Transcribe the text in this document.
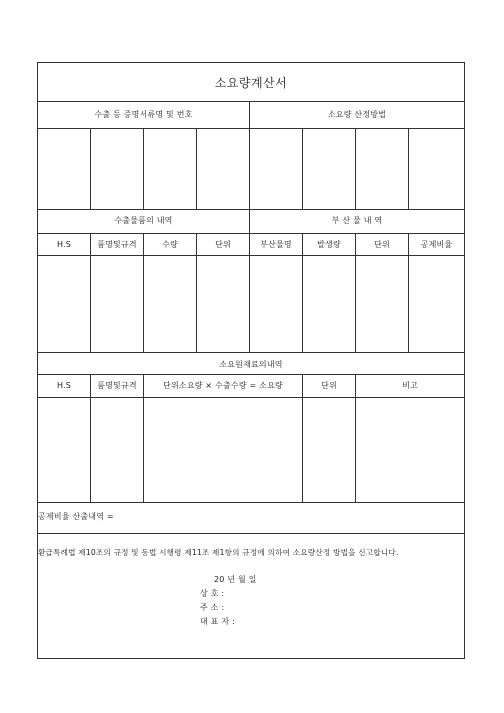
소요량계산서
수출 등 증명서류명 및 번호	소요량 산정방법
수출물품의 내역	부 산 물 내 역
H.S	품명및규격	수량	단위	부산물명	발생량	단위	공제비율
소요원재료의내역
H.S	품명및규격	단위소요량 × 수출수량 = 소요량	단위	비고
공제비율 산출내역 =
환급특례법 제10조의 규정 및 동법 시행령 제11조 제1항의 규정에 의하여 소요량산정 방법을 신고합니다.
20 년 월 일
상 호 :
주 소 :
대 표 자 :
